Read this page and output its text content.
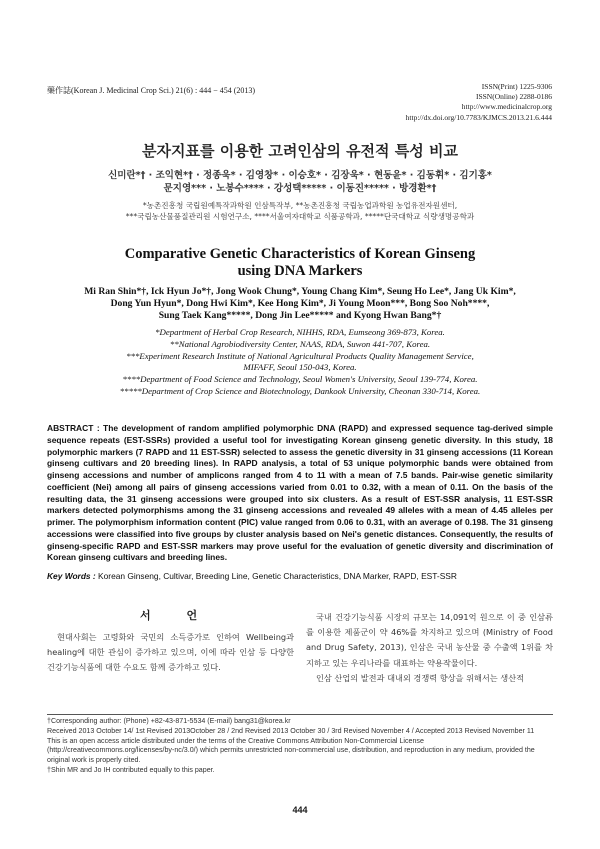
藥作誌(Korean J. Medicinal Crop Sci.) 21(6) : 444 − 454 (2013)	ISSN(Print) 1225-9306
ISSN(Online) 2288-0186
http://www.medicinalcrop.org
http://dx.doi.org/10.7783/KJMCS.2013.21.6.444
분자지표를 이용한 고려인삼의 유전적 특성 비교
신미란*† · 조익현*† · 정종욱* · 김영창* · 이승호* · 김장욱* · 현동윤* · 김동휘* · 김기홍*
문지영*** · 노봉수**** · 강성택***** · 이동진***** · 방경환*†
*농촌진흥청 국립원예특작과학원 인삼특작부, **농촌진흥청 국립농업과학원 농업유전자원센터,
***국립농산물품질관리원 시험연구소, ****서울여자대학교 식품공학과, *****단국대학교 식량생명공학과
Comparative Genetic Characteristics of Korean Ginseng
using DNA Markers
Mi Ran Shin*†, Ick Hyun Jo*†, Jong Wook Chung*, Young Chang Kim*, Seung Ho Lee*, Jang Uk Kim*,
Dong Yun Hyun*, Dong Hwi Kim*, Kee Hong Kim*, Ji Young Moon***, Bong Soo Noh****,
Sung Taek Kang*****, Dong Jin Lee***** and Kyong Hwan Bang*†
*Department of Herbal Crop Research, NIHHS, RDA, Eumseong 369-873, Korea.
**National Agrobiodiversity Center, NAAS, RDA, Suwon 441-707, Korea.
***Experiment Research Institute of National Agricultural Products Quality Management Service,
MIFAFF, Seoul 150-043, Korea.
****Department of Food Science and Technology, Seoul Women's University, Seoul 139-774, Korea.
*****Department of Crop Science and Biotechnology, Dankook University, Cheonan 330-714, Korea.
ABSTRACT : The development of random amplified polymorphic DNA (RAPD) and expressed sequence tag-derived simple sequence repeats (EST-SSRs) provided a useful tool for investigating Korean ginseng genetic diversity. In this study, 18 polymorphic markers (7 RAPD and 11 EST-SSR) selected to assess the genetic diversity in 31 ginseng accessions (11 Korean ginseng cultivars and 20 breeding lines). In RAPD analysis, a total of 53 unique polymorphic bands were obtained from ginseng accessions and number of amplicons ranged from 4 to 11 with a mean of 7.5 bands. Pair-wise genetic similarity coefficient (Nei) among all pairs of ginseng accessions varied from 0.01 to 0.32, with a mean of 0.11. On the basis of the resulting data, the 31 ginseng accessions were grouped into six clusters. As a result of EST-SSR analysis, 11 EST-SSR markers detected polymorphisms among the 31 ginseng accessions and revealed 49 alleles with a mean of 4.45 alleles per primer. The polymorphism information content (PIC) value ranged from 0.06 to 0.31, with an average of 0.198. The 31 ginseng accessions were classified into five groups by cluster analysis based on Nei's genetic distances. Consequently, the results of ginseng-specific RAPD and EST-SSR markers may prove useful for the evaluation of genetic diversity and discrimination of Korean ginseng cultivars and breeding lines.
Key Words : Korean Ginseng, Cultivar, Breeding Line, Genetic Characteristics, DNA Marker, RAPD, EST-SSR
서 언

현대사회는 고령화와 국민의 소득증가로 인하여 Wellbeing과 healing에 대한 관심이 증가하고 있으며, 이에 따라 인삼 등 다양한 건강기능식품에 대한 수요도 함께 증가하고 있다.

국내 건강기능식품 시장의 규모는 14,091억 원으로 이 중 인삼류를 이용한 제품군이 약 46%를 차지하고 있으며 (Ministry of Food and Drug Safety, 2013), 인삼은 국내 농산물 중 수출액 1위를 차지하고 있는 우리나라를 대표하는 약용작물이다.

인삼 산업의 발전과 대내외 경쟁력 향상을 위해서는 생산적

†Corresponding author: (Phone) +82-43-871-5534 (E-mail) bang31@korea.kr
Received 2013 October 14/ 1st Revised 2013October 28 / 2nd Revised 2013 October 30 / 3rd Revised November 4 / Accepted 2013 Revised November 11
This is an open access article distributed under the terms of the Creative Commons Attribution Non-Commercial License (http://creativecommons.org/licenses/by-nc/3.0/) which permits unrestricted non-commercial use, distribution, and reproduction in any medium, provided the original work is properly cited.
†Shin MR and Jo IH contributed equally to this paper.
444
